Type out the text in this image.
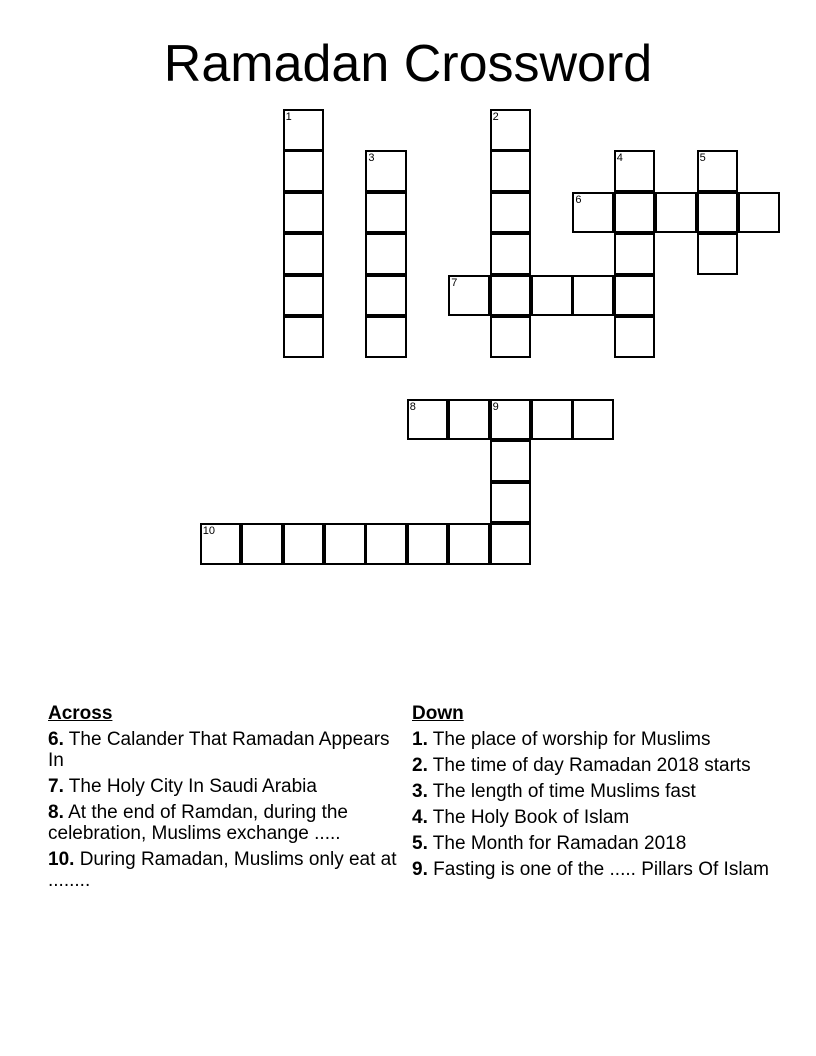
Ramadan Crossword
1
3
2
4	5
6
7
8	9
10
Across
6. The Calander That Ramadan Appears In
7. The Holy City In Saudi Arabia
8. At the end of Ramdan, during the celebration, Muslims exchange .....
10. During Ramadan, Muslims only eat at ........
Down
1. The place of worship for Muslims
2. The time of day Ramadan 2018 starts
3. The length of time Muslims fast
4. The Holy Book of Islam
5. The Month for Ramadan 2018
9. Fasting is one of the ..... Pillars Of Islam
